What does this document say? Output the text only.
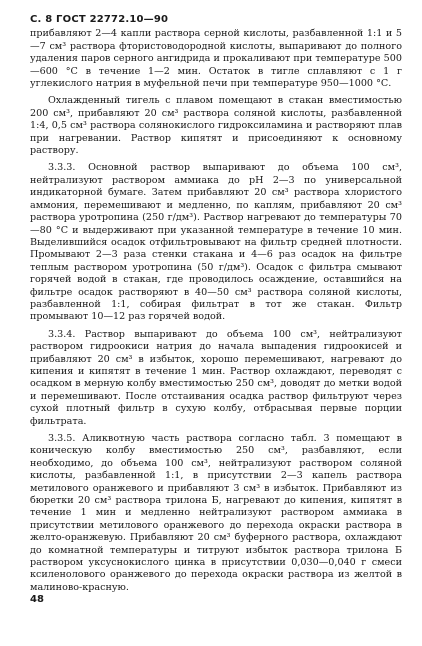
С. 8 ГОСТ 22772.10—90

прибавляют 2—4 капли раствора серной кислоты, разбавленной 1:1 и 5—7 см³ раствора фтористоводородной кислоты, выпаривают до полного удаления паров серного ангидрида и прокаливают при температуре 500—600 °С в течение 1—2 мин. Остаток в тигле сплавляют с 1 г углекислого натрия в муфельной печи при температуре 950—1000 °С.

Охлажденный тигель с плавом помещают в стакан вместимостью 200 см³, прибавляют 20 см³ раствора соляной кислоты, разбавленной 1:4, 0,5 см³ раствора солянокислого гидроксиламина и растворяют плав при нагревании. Раствор кипятят и присоединяют к основному раствору.

3.3.3. Основной раствор выпаривают до объема 100 см³, нейтрализуют раствором аммиака до рН 2—3 по универсальной индикаторной бумаге. Затем прибавляют 20 см³ раствора хлористого аммония, перемешивают и медленно, по каплям, прибавляют 20 см³ раствора уротропина (250 г/дм³). Раствор нагревают до температуры 70—80 °С и выдерживают при указанной температуре в течение 10 мин. Выделившийся осадок отфильтровывают на фильтр средней плотности. Промывают 2—3 раза стенки стакана и 4—6 раз осадок на фильтре теплым раствором уротропина (50 г/дм³). Осадок с фильтра смывают горячей водой в стакан, где проводилось осаждение, оставшийся на фильтре осадок растворяют в 40—50 см³ раствора соляной кислоты, разбавленной 1:1, собирая фильтрат в тот же стакан. Фильтр промывают 10—12 раз горячей водой.

3.3.4. Раствор выпаривают до объема 100 см³, нейтрализуют раствором гидроокиси натрия до начала выпадения гидроокисей и прибавляют 20 см³ в избыток, хорошо перемешивают, нагревают до кипения и кипятят в течение 1 мин. Раствор охлаждают, переводят с осадком в мерную колбу вместимостью 250 см³, доводят до метки водой и перемешивают. После отстаивания осадка раствор фильтруют через сухой плотный фильтр в сухую колбу, отбрасывая первые порции фильтрата.

3.3.5. Аликвотную часть раствора согласно табл. 3 помещают в коническую колбу вместимостью 250 см³, разбавляют, если необходимо, до объема 100 см³, нейтрализуют раствором соляной кислоты, разбавленной 1:1, в присутствии 2—3 капель раствора метилового оранжевого и прибавляют 3 см³ в избыток. Прибавляют из бюретки 20 см³ раствора трилона Б, нагревают до кипения, кипятят в течение 1 мин и медленно нейтрализуют раствором аммиака в присутствии метилового оранжевого до перехода окраски раствора в желто-оранжевую. Прибавляют 20 см³ буферного раствора, охлаждают до комнатной температуры и титруют избыток раствора трилона Б раствором уксуснокислого цинка в присутствии 0,030—0,040 г смеси ксиленолового оранжевого до перехода окраски раствора из желтой в малиново-красную.

48
